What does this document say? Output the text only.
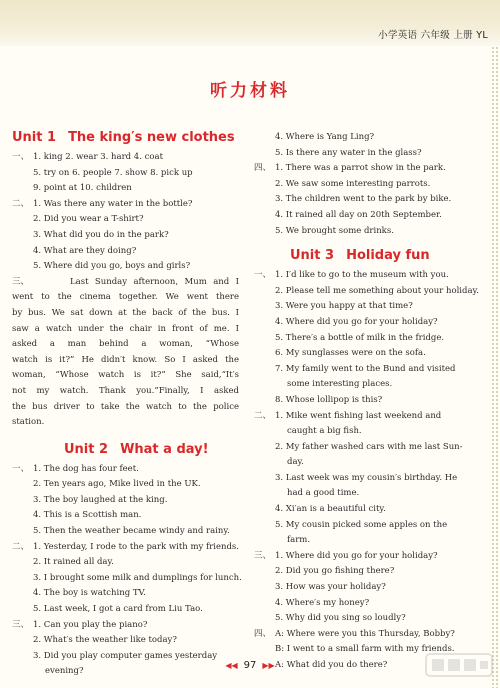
小学英语 六年级 上册 YL
听力材料
Unit 1 The king′s new clothes
一、 1. king 2. wear 3. hard 4. coat
5. try on 6. people 7. show 8. pick up
9. point at 10. children
二、 1. Was there any water in the bottle?
2. Did you wear a T-shirt?
3. What did you do in the park?
4. What are they doing?
5. Where did you go, boys and girls?
三、	Last Sunday afternoon, Mum and I
went to the cinema together. We went there
by bus. We sat down at the back of the bus. I
saw a watch under the chair in front of me. I
asked a man behind a woman, “Whose
watch is it?” He didn′t know. So I asked the
woman, “Whose watch is it?” She said,“It′s
not my watch. Thank you.”Finally, I asked
the bus driver to take the watch to the police
station.
Unit 2 What a day!
一、 1. The dog has four feet.
2. Ten years ago, Mike lived in the UK.
3. The boy laughed at the king.
4. This is a Scottish man.
5. Then the weather became windy and rainy.
二、 1. Yesterday, I rode to the park with my friends.
2. It rained all day.
3. I brought some milk and dumplings for lunch.
4. The boy is watching TV.
5. Last week, I got a card from Liu Tao.
三、 1. Can you play the piano?
2. What′s the weather like today?
3. Did you play computer games yesterday
evening?
4. Where is Yang Ling?
5. Is there any water in the glass?
四、 1. There was a parrot show in the park.
2. We saw some interesting parrots.
3. The children went to the park by bike.
4. It rained all day on 20th September.
5. We brought some drinks.
Unit 3 Holiday fun
一、 1. I′d like to go to the museum with you.
2. Please tell me something about your holiday.
3. Were you happy at that time?
4. Where did you go for your holiday?
5. There′s a bottle of milk in the fridge.
6. My sunglasses were on the sofa.
7. My family went to the Bund and visited
some interesting places.
8. Whose lollipop is this?
二、 1. Mike went fishing last weekend and
caught a big fish.
2. My father washed cars with me last Sun-
day.
3. Last week was my cousin′s birthday. He
had a good time.
4. Xi′an is a beautiful city.
5. My cousin picked some apples on the
farm.
三、 1. Where did you go for your holiday?
2. Did you go fishing there?
3. How was your holiday?
4. Where′s my honey?
5. Why did you sing so loudly?
四、 A: Where were you this Thursday, Bobby?
B: I went to a small farm with my friends.
A: What did you do there?
◀◀ 97 ▶▶
